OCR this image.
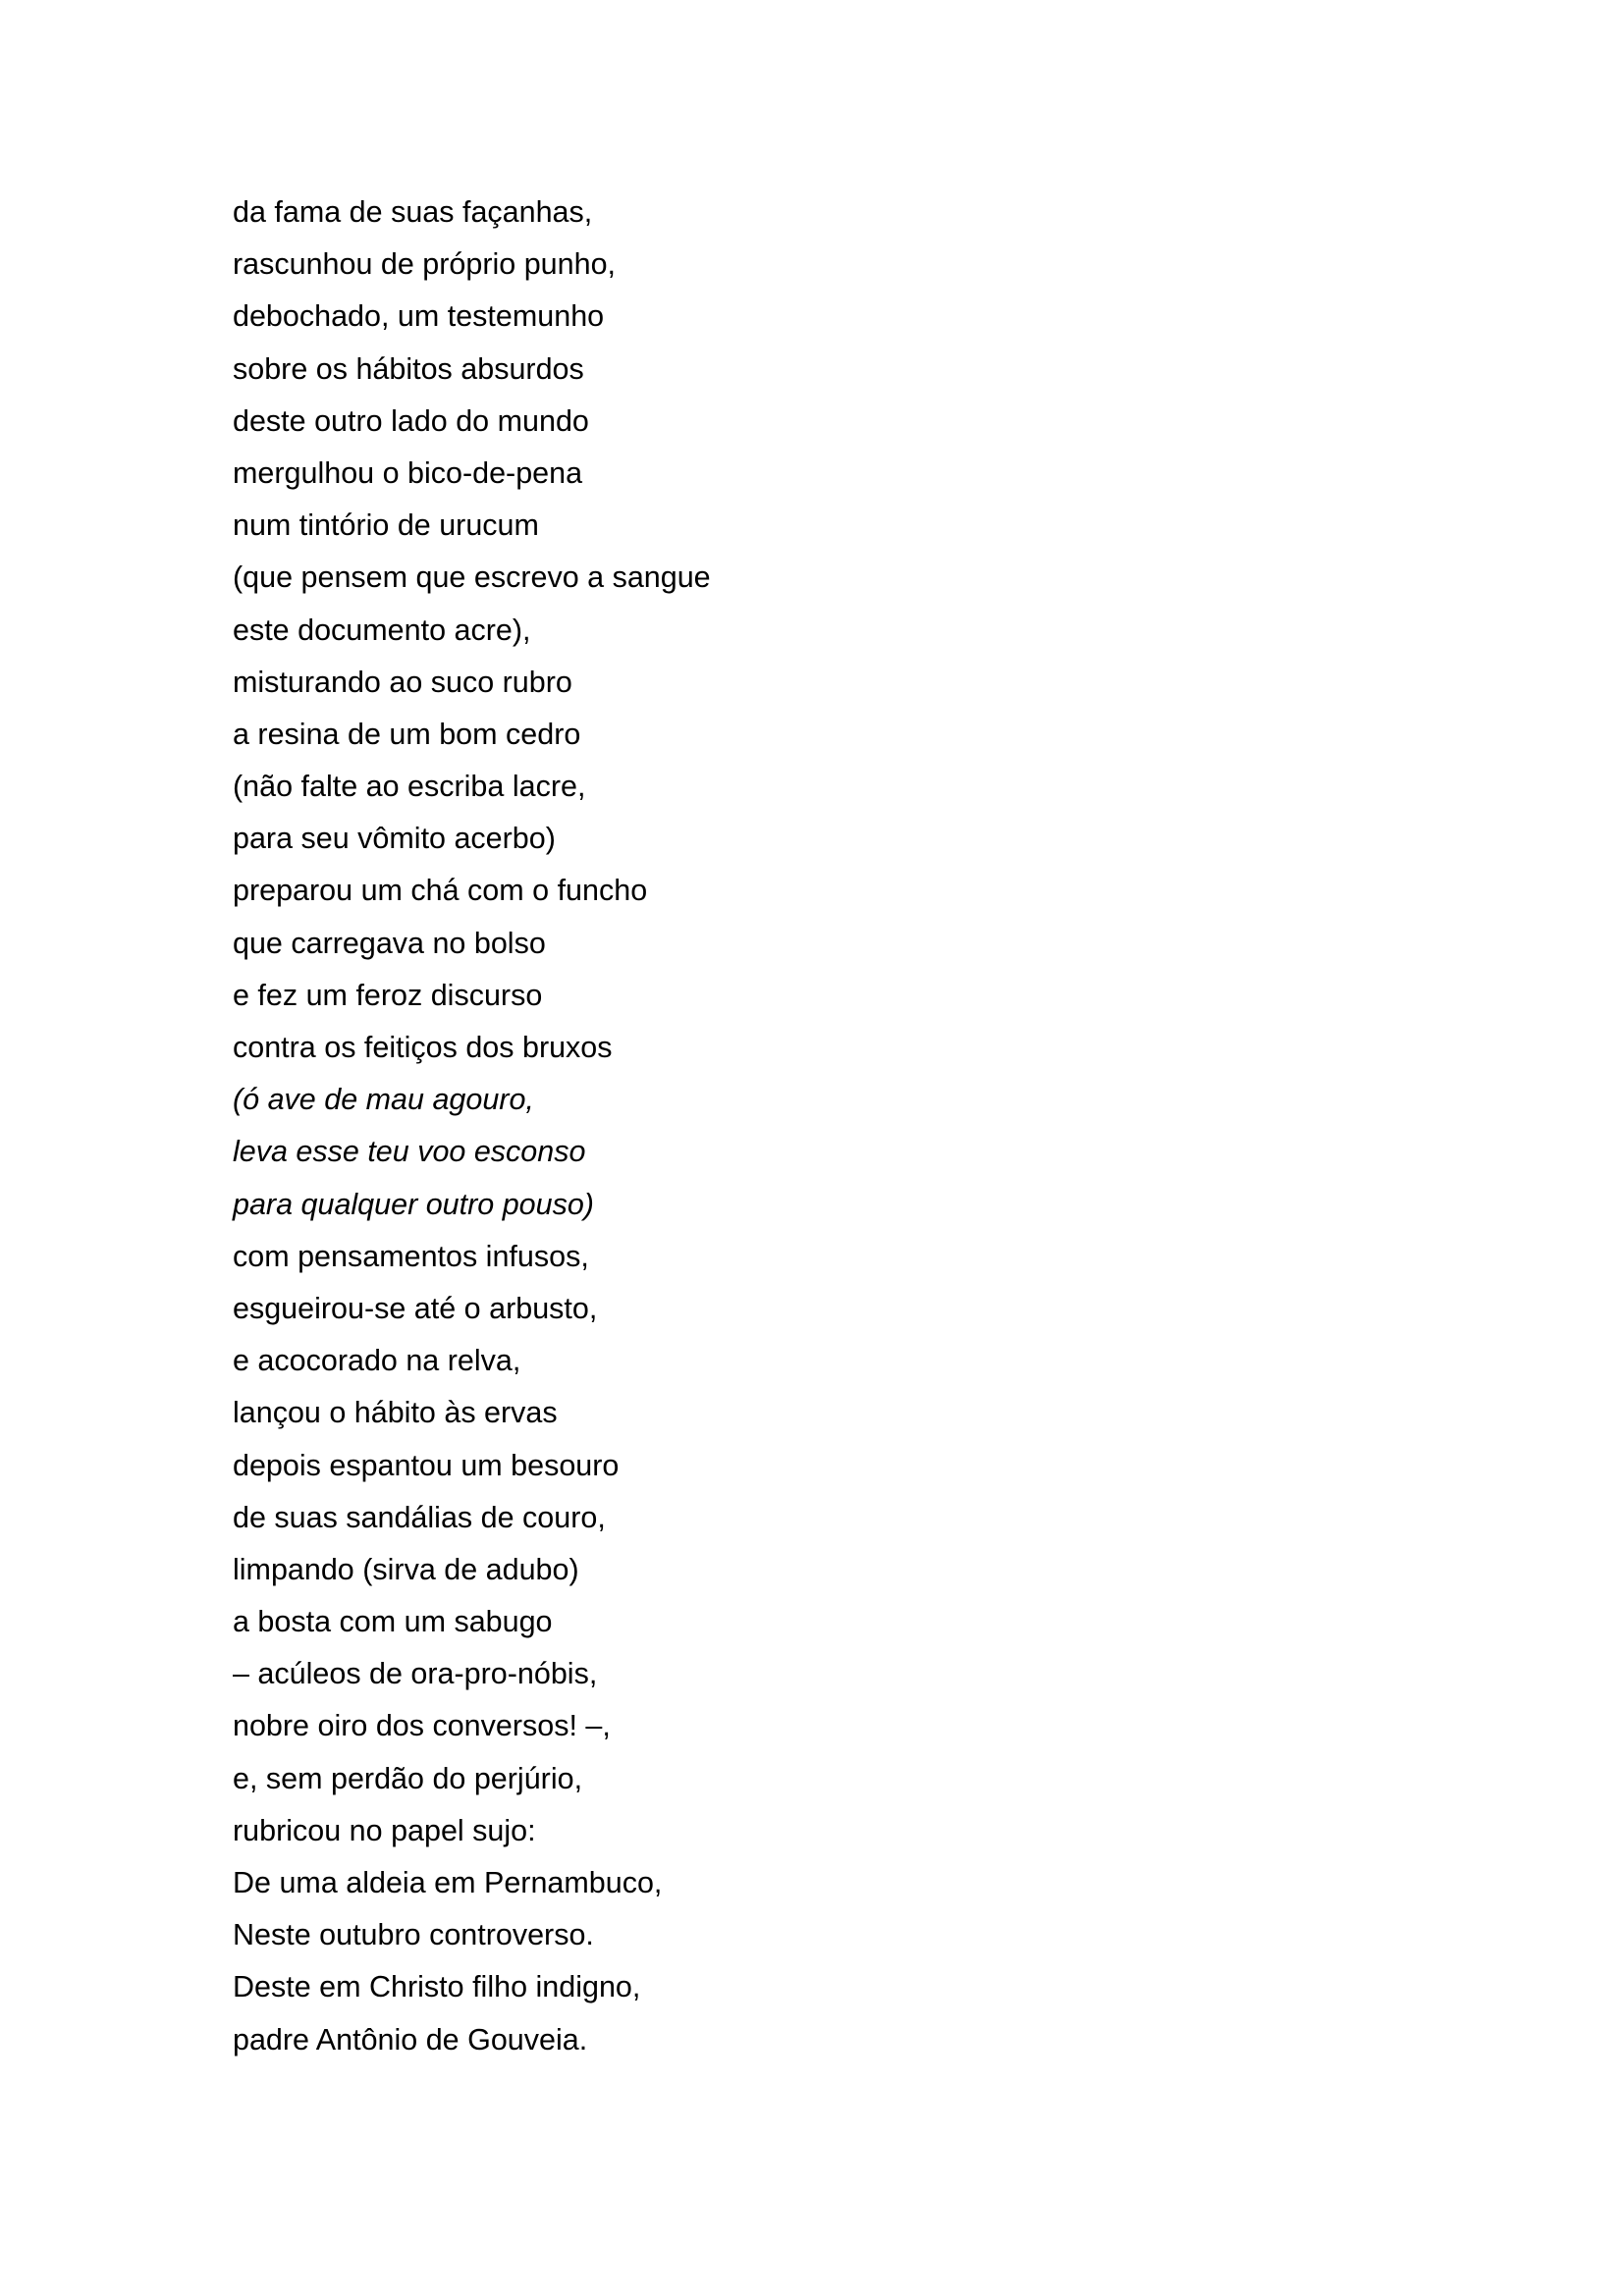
da fama de suas façanhas,
rascunhou de próprio punho,
debochado, um testemunho
sobre os hábitos absurdos
deste outro lado do mundo
mergulhou o bico-de-pena
num tintório de urucum
(que pensem que escrevo a sangue
este documento acre),
misturando ao suco rubro
a resina de um bom cedro
(não falte ao escriba lacre,
para seu vômito acerbo)
preparou um chá com o funcho
que carregava no bolso
e fez um feroz discurso
contra os feitiços dos bruxos
(ó ave de mau agouro,
leva esse teu voo esconso
para qualquer outro pouso)
com pensamentos infusos,
esgueirou-se até o arbusto,
e acocorado na relva,
lançou o hábito às ervas
depois espantou um besouro
de suas sandálias de couro,
limpando (sirva de adubo)
a bosta com um sabugo
– acúleos de ora-pro-nóbis,
nobre oiro dos conversos! –,
e, sem perdão do perjúrio,
rubricou no papel sujo:
De uma aldeia em Pernambuco,
Neste outubro controverso.
Deste em Christo filho indigno,
padre Antônio de Gouveia.
